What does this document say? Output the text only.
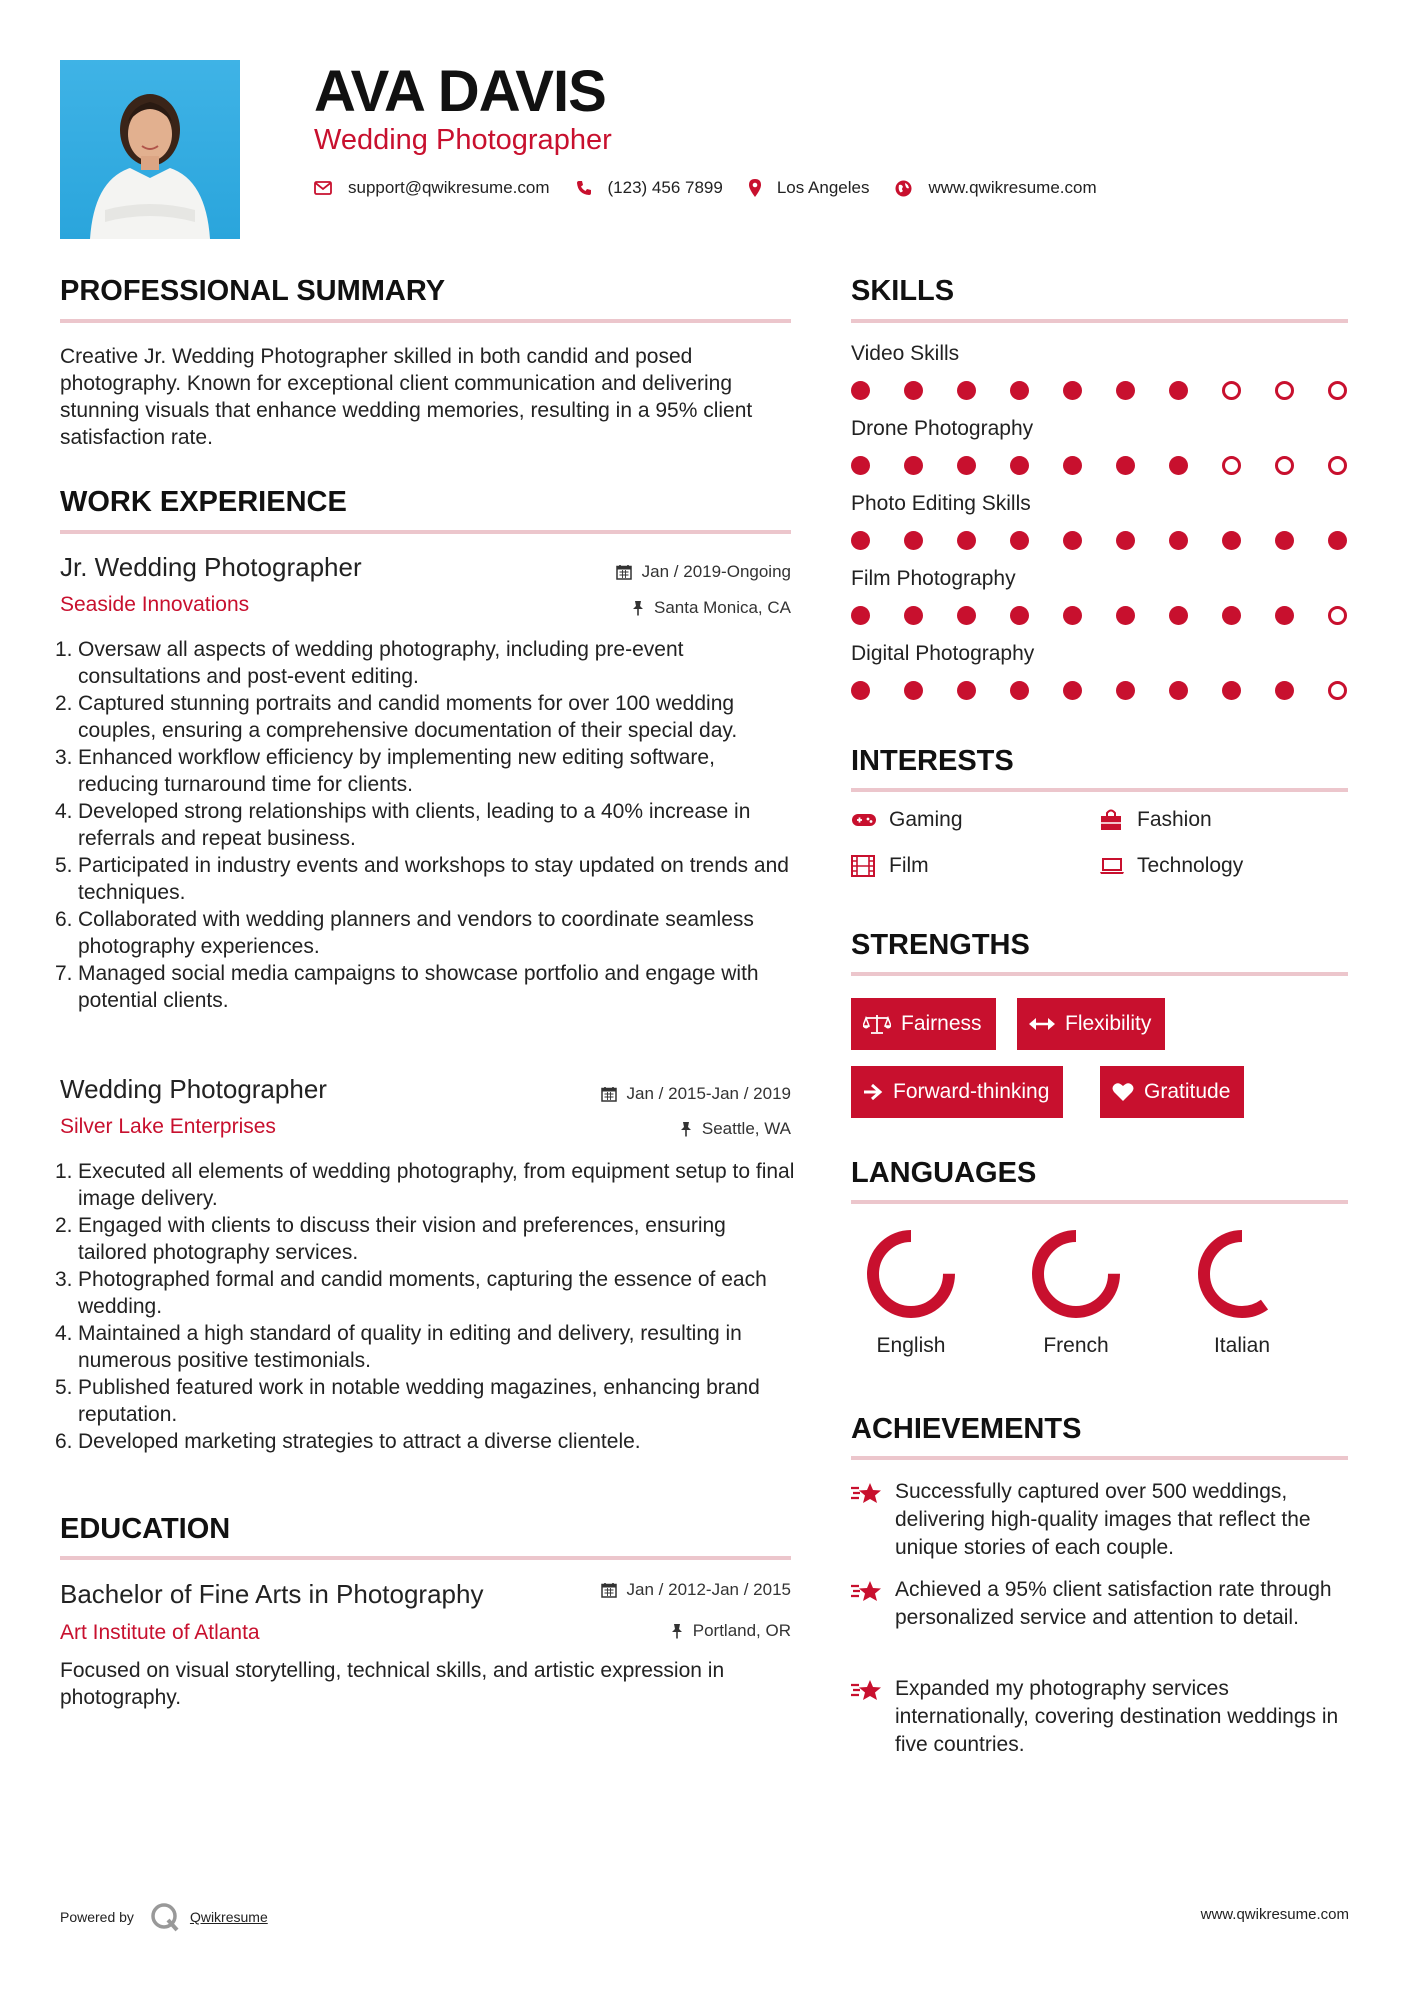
AVA DAVIS
Wedding Photographer
support@qwikresume.com	(123) 456 7899	Los Angeles	www.qwikresume.com
PROFESSIONAL SUMMARY
Creative Jr. Wedding Photographer skilled in both candid and posed photography. Known for exceptional client communication and delivering stunning visuals that enhance wedding memories, resulting in a 95% client satisfaction rate.
WORK EXPERIENCE
Jr. Wedding Photographer
Seaside Innovations
Jan / 2019-Ongoing
Santa Monica, CA
1. Oversaw all aspects of wedding photography, including pre-event consultations and post-event editing.
2. Captured stunning portraits and candid moments for over 100 wedding couples, ensuring a comprehensive documentation of their special day.
3. Enhanced workflow efficiency by implementing new editing software, reducing turnaround time for clients.
4. Developed strong relationships with clients, leading to a 40% increase in referrals and repeat business.
5. Participated in industry events and workshops to stay updated on trends and techniques.
6. Collaborated with wedding planners and vendors to coordinate seamless photography experiences.
7. Managed social media campaigns to showcase portfolio and engage with potential clients.
Wedding Photographer
Silver Lake Enterprises
Jan / 2015-Jan / 2019
Seattle, WA
1. Executed all elements of wedding photography, from equipment setup to final image delivery.
2. Engaged with clients to discuss their vision and preferences, ensuring tailored photography services.
3. Photographed formal and candid moments, capturing the essence of each wedding.
4. Maintained a high standard of quality in editing and delivery, resulting in numerous positive testimonials.
5. Published featured work in notable wedding magazines, enhancing brand reputation.
6. Developed marketing strategies to attract a diverse clientele.
EDUCATION
Bachelor of Fine Arts in Photography
Art Institute of Atlanta
Jan / 2012-Jan / 2015
Portland, OR
Focused on visual storytelling, technical skills, and artistic expression in photography.
SKILLS
Video Skills
Drone Photography
Photo Editing Skills
Film Photography
Digital Photography
INTERESTS
Gaming	Fashion
Film	Technology
STRENGTHS
Fairness	Flexibility
Forward-thinking	Gratitude
LANGUAGES
English	French	Italian
ACHIEVEMENTS
Successfully captured over 500 weddings, delivering high-quality images that reflect the unique stories of each couple.
Achieved a 95% client satisfaction rate through personalized service and attention to detail.
Expanded my photography services internationally, covering destination weddings in five countries.
Powered by	Qwikresume	www.qwikresume.com
